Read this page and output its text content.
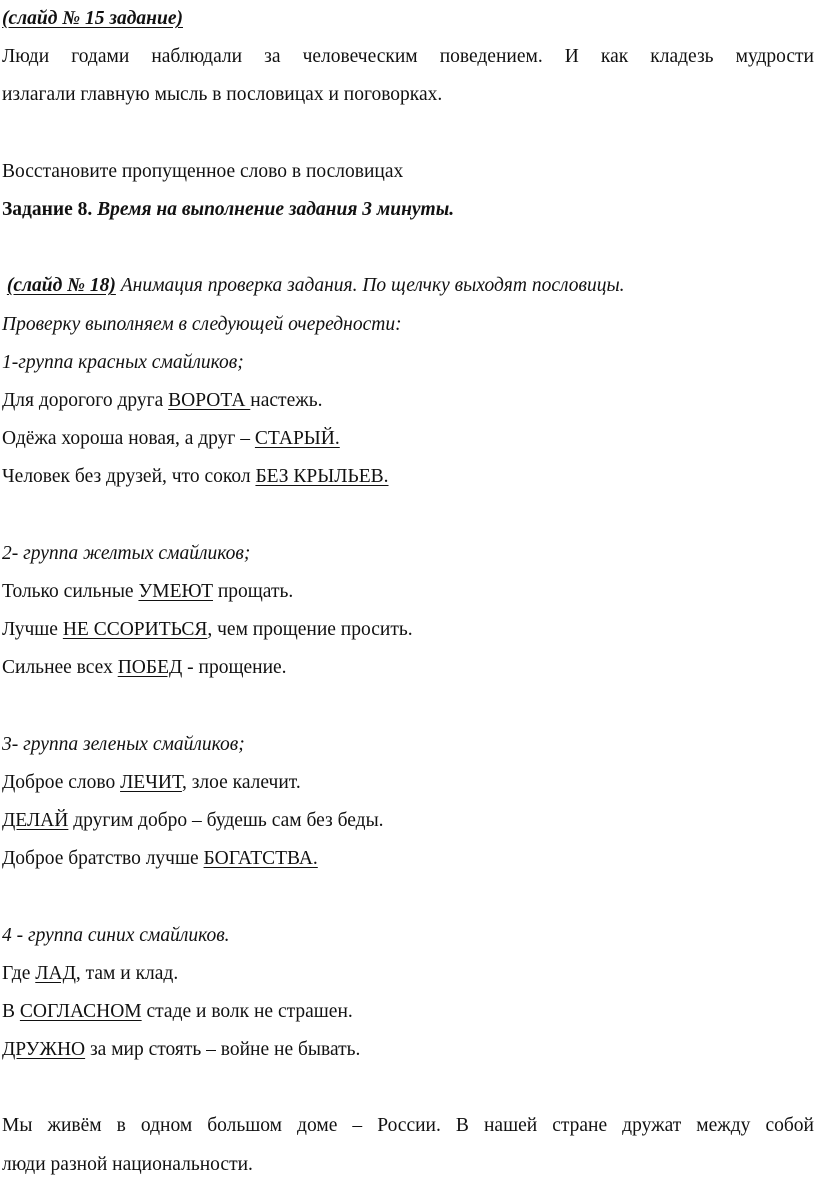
(слайд № 15 задание)
Люди годами наблюдали за человеческим поведением. И как кладезь мудрости
излагали главную мысль в пословицах и поговорках.
Восстановите пропущенное слово в пословицах
Задание 8. Время на выполнение задания 3 минуты.
(слайд № 18) Анимация проверка задания. По щелчку выходят пословицы.
Проверку выполняем в следующей очередности:
1-группа красных смайликов;
Для дорогого друга ВОРОТА настежь.
Одёжа хороша новая, а друг – СТАРЫЙ.
Человек без друзей, что сокол БЕЗ КРЫЛЬЕВ.
2- группа желтых смайликов;
Только сильные УМЕЮТ прощать.
Лучше НЕ ССОРИТЬСЯ, чем прощение просить.
Сильнее всех ПОБЕД - прощение.
3- группа зеленых смайликов;
Доброе слово ЛЕЧИТ, злое калечит.
ДЕЛАЙ другим добро – будешь сам без беды.
Доброе братство лучше БОГАТСТВА.
4 - группа синих смайликов.
Где ЛАД, там и клад.
В СОГЛАСНОМ стаде и волк не страшен.
ДРУЖНО за мир стоять – войне не бывать.
Мы живём в одном большом доме – России. В нашей стране дружат между собой
люди разной национальности.
